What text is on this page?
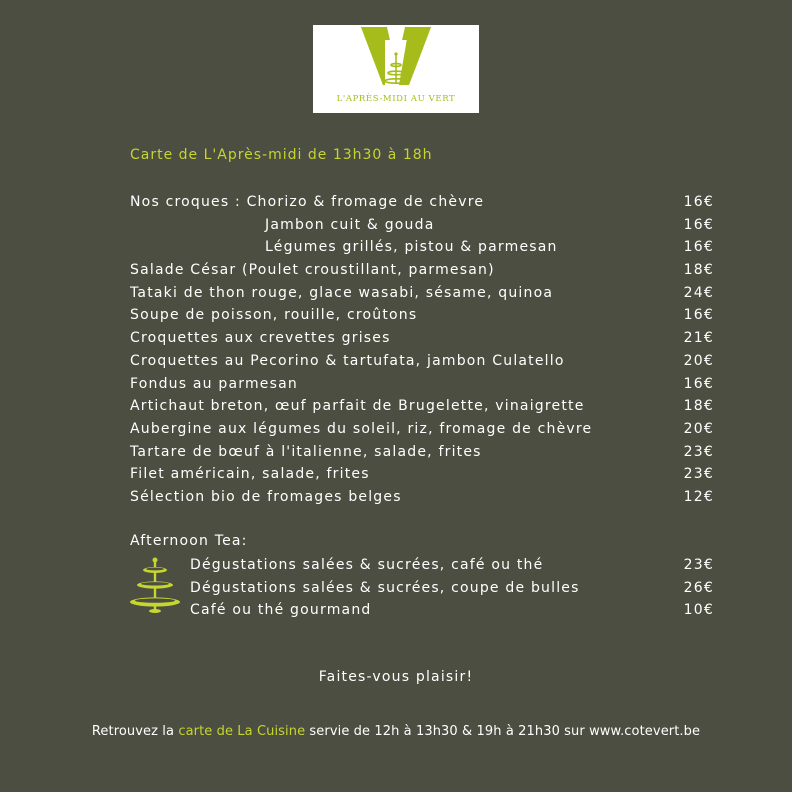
L'APRÈS-MIDI AU VERT
Carte de L'Après-midi de 13h30 à 18h
Nos croques : Chorizo & fromage de chèvre	16€
Jambon cuit & gouda	16€
Légumes grillés, pistou & parmesan	16€
Salade César (Poulet croustillant, parmesan)	18€
Tataki de thon rouge, glace wasabi, sésame, quinoa	24€
Soupe de poisson, rouille, croûtons	16€
Croquettes aux crevettes grises	21€
Croquettes au Pecorino & tartufata, jambon Culatello	20€
Fondus au parmesan	16€
Artichaut breton, œuf parfait de Brugelette, vinaigrette	18€
Aubergine aux légumes du soleil, riz, fromage de chèvre	20€
Tartare de bœuf à l'italienne, salade, frites	23€
Filet américain, salade, frites	23€
Sélection bio de fromages belges	12€
Afternoon Tea:
Dégustations salées & sucrées, café ou thé	23€
Dégustations salées & sucrées, coupe de bulles	26€
Café ou thé gourmand	10€
Faites-vous plaisir!
Retrouvez la carte de La Cuisine servie de 12h à 13h30 & 19h à 21h30 sur www.cotevert.be
